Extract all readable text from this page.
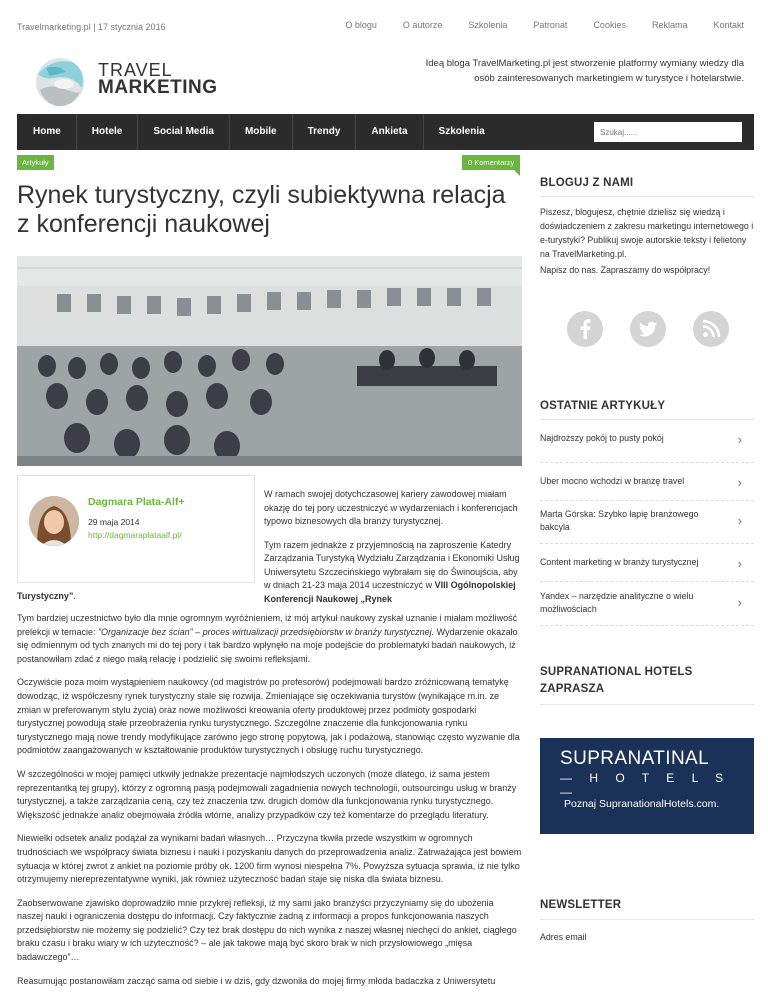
Travelmarketing.pl | 17 stycznia 2016	O blogu	O autorze	Szkolenia	Patronat	Cookies	Reklama	Kontakt
TRAVEL
MARKETING
Ideą bloga TravelMarketing.pl jest stworzenie platformy wymiany wiedzy dla osób zainteresowanych marketingiem w turystyce i hotelarstwie.
Home	Hotele	Social Media	Mobile	Trendy	Ankieta	Szkolenia
Szukaj......
Artykuły	0 Komentarzy
Rynek turystyczny, czyli subiektywna relacja z konferencji naukowej
Dagmara Plata-Alf+
29 maja 2014
http://dagmaraplataalf.pl/

W ramach swojej dotychczasowej kariery zawodowej miałam okazję do tej pory uczestniczyć w wydarzeniach i konferencjach typowo biznesowych dla branży turystycznej.

Tym razem jednakże z przyjemnością na zaproszenie Katedry Zarządzania Turystyką Wydziału Zarządzania i Ekonomiki Usług Uniwersytetu Szczecińskiego wybrałam się do Świnoujścia, aby w dniach 21-23 maja 2014 uczestniczyć w VIII Ogólnopolskiej Konferencji Naukowej „Rynek

Turystyczny”.

Tym bardziej uczestnictwo było dla mnie ogromnym wyróżnieniem, iż mój artykuł naukowy zyskał uznanie i miałam możliwość prelekcji w temacie: ”Organizacje bez ścian” – proces wirtualizacji przedsiębiorstw w branży turystycznej. Wydarzenie okazało się odmiennym od tych znanych mi do tej pory i tak bardzo wpłynęło na moje podejście do problematyki badań naukowych, iż postanowiłam zdać z niego małą relację i podzielić się swoimi refleksjami.

Oczywiście poza moim wystąpieniem naukowcy (od magistrów po profesorów) podejmowali bardzo zróżnicowaną tematykę dowodząc, iż współczesny rynek turystyczny stale się rozwija. Zmieniające się oczekiwania turystów (wynikające m.in. ze zmian w preferowanym stylu życia) oraz nowe możliwości kreowania oferty produktowej przez podmioty gospodarki turystycznej powodują stałe przeobrażenia rynku turystycznego. Szczególne znaczenie dla funkcjonowania rynku turystycznego mają nowe trendy modyfikujące zarówno jego stronę popytową, jak i podażową, stanowiąc często wyzwanie dla podmiotów zaangażowanych w kształtowanie produktów turystycznych i obsługę ruchu turystycznego.

W szczególności w mojej pamięci utkwiły jednakże prezentacje najmłodszych uczonych (może dlatego, iż sama jestem reprezentantką tej grupy), którzy z ogromną pasją podejmowali zagadnienia nowych technologii, outsourcingu usług w branży turystycznej, a także zarządzania ceną, czy też znaczenia tzw. drugich domów dla funkcjonowania rynku turystycznego. Większość jednakże analiz obejmowała źródła wtórne, analizy przypadków czy też komentarze do przeglądu literatury.

Niewielki odsetek analiz podążał za wynikami badań własnych… Przyczyna tkwiła przede wszystkim w ogromnych trudnościach we współpracy świata biznesu i nauki i pozyskaniu danych do przeprowadzenia analiz. Zatrważająca jest bowiem sytuacja w której zwrot z ankiet na poziomie próby ok. 1200 firm wynosi niespełna 7%. Powyższa sytuacja sprawia, iż nie tylko otrzymujemy niereprezentatywne wyniki, jak również użyteczność badań staje się niska dla świata biznesu.

Zaobserwowane zjawisko doprowadziło mnie przykrej refleksji, iż my sami jako branżyści przyczyniamy się do ubożenia naszej nauki i ograniczenia dostępu do informacji. Czy faktycznie żadną z informacji a propos funkcjonowania naszych przedsiębiorstw nie możemy się podzielić? Czy też brak dostępu do nich wynika z naszej własnej niechęci do ankiet, ciągłego braku czasu i braku wiary w ich użyteczność? – ale jak takowe mają być skoro brak w nich przysłowiowego „mięsa badawczego”…

Reasumując postanowiłam zacząć sama od siebie i w dziś, gdy dzwoniła do mojej firmy młoda badaczka z Uniwersytetu

BLOGUJ Z NAMI
Piszesz, blogujesz, chętnie dzielisz się wiedzą i doświadczeniem z zakresu marketingu internetowego i e-turystyki? Publikuj swoje autorskie teksty i felietony na TravelMarketing.pl.
Napisz do nas. Zapraszamy do współpracy!
OSTATNIE ARTYKUŁY
Najdroższy pokój to pusty pokój	›
Uber mocno wchodzi w branżę travel	›
Marta Górska: Szybko łapię branżowego bakcyla	›
Content marketing w branży turystycznej	›
Yandex – narzędzie analityczne o wielu możliwościach	›
SUPRANATIONAL HOTELS ZAPRASZA
SUPRANATINAL
— H O T E L S —
Poznaj SupranationalHotels.com.
NEWSLETTER
Adres email
